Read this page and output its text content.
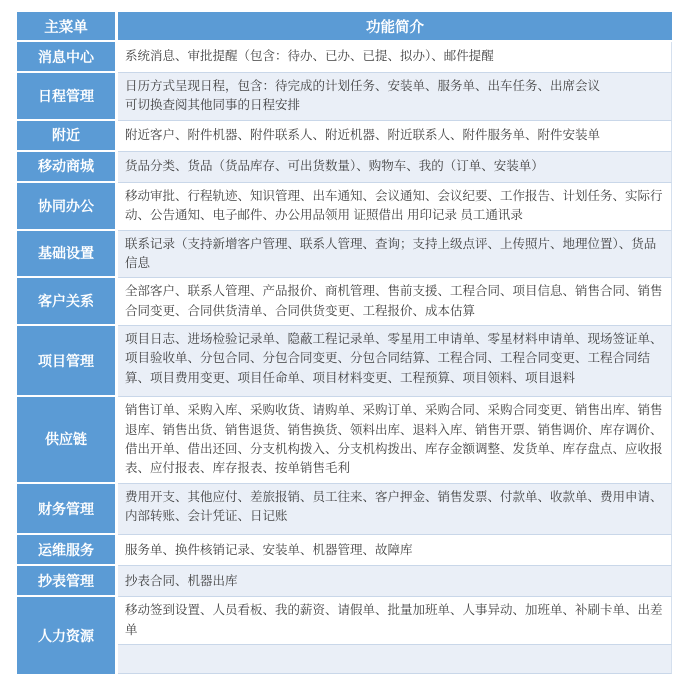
主菜单	功能简介
消息中心	系统消息、审批提醒（包含：待办、已办、已提、拟办）、邮件提醒

日程管理	日历方式呈现日程，包含：待完成的计划任务、安装单、服务单、出车任务、出席会议
可切换查阅其他同事的日程安排

附近	附近客户、附件机器、附件联系人、附近机器、附近联系人、附件服务单、附件安装单

移动商城	货品分类、货品（货品库存、可出货数量）、购物车、我的（订单、安装单）

协同办公	移动审批、行程轨迹、知识管理、出车通知、会议通知、会议纪要、工作报告、计划任务、实际行动、公告通知、电子邮件、办公用品领用 证照借出 用印记录 员工通讯录

基础设置	联系记录（支持新增客户管理、联系人管理、查询；支持上级点评、上传照片、地理位置）、货品信息

客户关系	全部客户、联系人管理、产品报价、商机管理、售前支援、工程合同、项目信息、销售合同、销售合同变更、合同供货清单、合同供货变更、工程报价、成本估算

项目管理	项目日志、进场检验记录单、隐蔽工程记录单、零星用工申请单、零星材料申请单、现场签证单、项目验收单、分包合同、分包合同变更、分包合同结算、工程合同、工程合同变更、工程合同结算、项目费用变更、项目任命单、项目材料变更、工程预算、项目领料、项目退料

供应链	销售订单、采购入库、采购收货、请购单、采购订单、采购合同、采购合同变更、销售出库、销售退库、销售出货、销售退货、销售换货、领料出库、退料入库、销售开票、销售调价、库存调价、借出开单、借出还回、分支机构拨入、分支机构拨出、库存金额调整、发货单、库存盘点、应收报表、应付报表、库存报表、按单销售毛利

财务管理	费用开支、其他应付、差旅报销、员工往来、客户押金、销售发票、付款单、收款单、费用申请、内部转账、会计凭证、日记账

运维服务	服务单、换件核销记录、安装单、机器管理、故障库

抄表管理	抄表合同、机器出库

人力资源	移动签到设置、人员看板、我的薪资、请假单、批量加班单、人事异动、加班单、补刷卡单、出差单
